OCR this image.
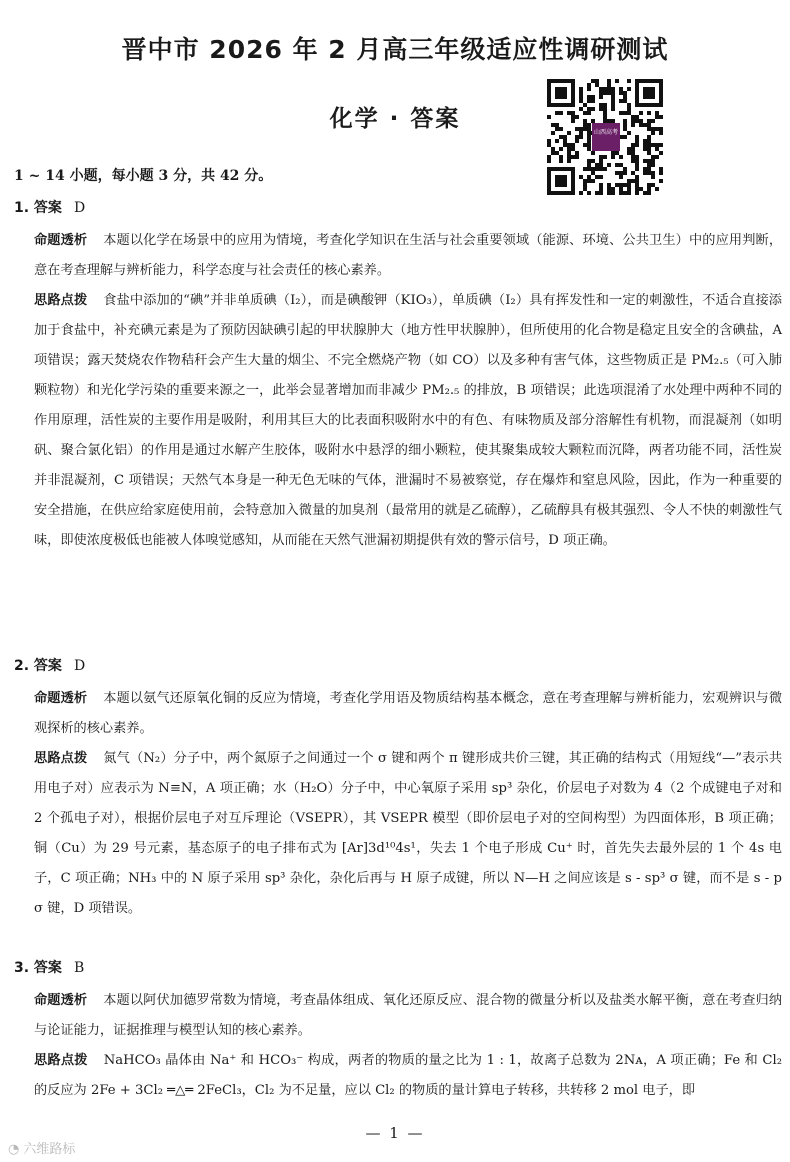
晋中市 2026 年 2 月高三年级适应性调研测试
化学 · 答案
山西高考
1 ~ 14 小题，每小题 3 分，共 42 分。
1. 答案 D
命题透析 本题以化学在场景中的应用为情境，考查化学知识在生活与社会重要领域（能源、环境、公共卫生）中的应用判断，意在考查理解与辨析能力，科学态度与社会责任的核心素养。
思路点拨 食盐中添加的“碘”并非单质碘（I₂），而是碘酸钾（KIO₃），单质碘（I₂）具有挥发性和一定的刺激性，不适合直接添加于食盐中，补充碘元素是为了预防因缺碘引起的甲状腺肿大（地方性甲状腺肿），但所使用的化合物是稳定且安全的含碘盐，A 项错误；露天焚烧农作物秸秆会产生大量的烟尘、不完全燃烧产物（如 CO）以及多种有害气体，这些物质正是 PM₂.₅（可入肺颗粒物）和光化学污染的重要来源之一，此举会显著增加而非减少 PM₂.₅ 的排放，B 项错误；此选项混淆了水处理中两种不同的作用原理，活性炭的主要作用是吸附，利用其巨大的比表面积吸附水中的有色、有味物质及部分溶解性有机物，而混凝剂（如明矾、聚合氯化铝）的作用是通过水解产生胶体，吸附水中悬浮的细小颗粒，使其聚集成较大颗粒而沉降，两者功能不同，活性炭并非混凝剂，C 项错误；天然气本身是一种无色无味的气体，泄漏时不易被察觉，存在爆炸和窒息风险，因此，作为一种重要的安全措施，在供应给家庭使用前，会特意加入微量的加臭剂（最常用的就是乙硫醇），乙硫醇具有极其强烈、令人不快的刺激性气味，即使浓度极低也能被人体嗅觉感知，从而能在天然气泄漏初期提供有效的警示信号，D 项正确。
2. 答案 D
命题透析 本题以氨气还原氧化铜的反应为情境，考查化学用语及物质结构基本概念，意在考查理解与辨析能力，宏观辨识与微观探析的核心素养。
思路点拨 氮气（N₂）分子中，两个氮原子之间通过一个 σ 键和两个 π 键形成共价三键，其正确的结构式（用短线“—”表示共用电子对）应表示为 N≡N，A 项正确；水（H₂O）分子中，中心氧原子采用 sp³ 杂化，价层电子对数为 4（2 个成键电子对和 2 个孤电子对），根据价层电子对互斥理论（VSEPR），其 VSEPR 模型（即价层电子对的空间构型）为四面体形，B 项正确；铜（Cu）为 29 号元素，基态原子的电子排布式为 [Ar]3d¹⁰4s¹，失去 1 个电子形成 Cu⁺ 时，首先失去最外层的 1 个 4s 电子，C 项正确；NH₃ 中的 N 原子采用 sp³ 杂化，杂化后再与 H 原子成键，所以 N—H 之间应该是 s - sp³ σ 键，而不是 s - p σ 键，D 项错误。
3. 答案 B
命题透析 本题以阿伏加德罗常数为情境，考查晶体组成、氧化还原反应、混合物的微量分析以及盐类水解平衡，意在考查归纳与论证能力，证据推理与模型认知的核心素养。
思路点拨 NaHCO₃ 晶体由 Na⁺ 和 HCO₃⁻ 构成，两者的物质的量之比为 1 : 1，故离子总数为 2Nᴀ，A 项正确；Fe 和 Cl₂ 的反应为 2Fe + 3Cl₂ ═△═ 2FeCl₃，Cl₂ 为不足量，应以 Cl₂ 的物质的量计算电子转移，共转移 2 mol 电子，即
— 1 —
◔ 六维路标
